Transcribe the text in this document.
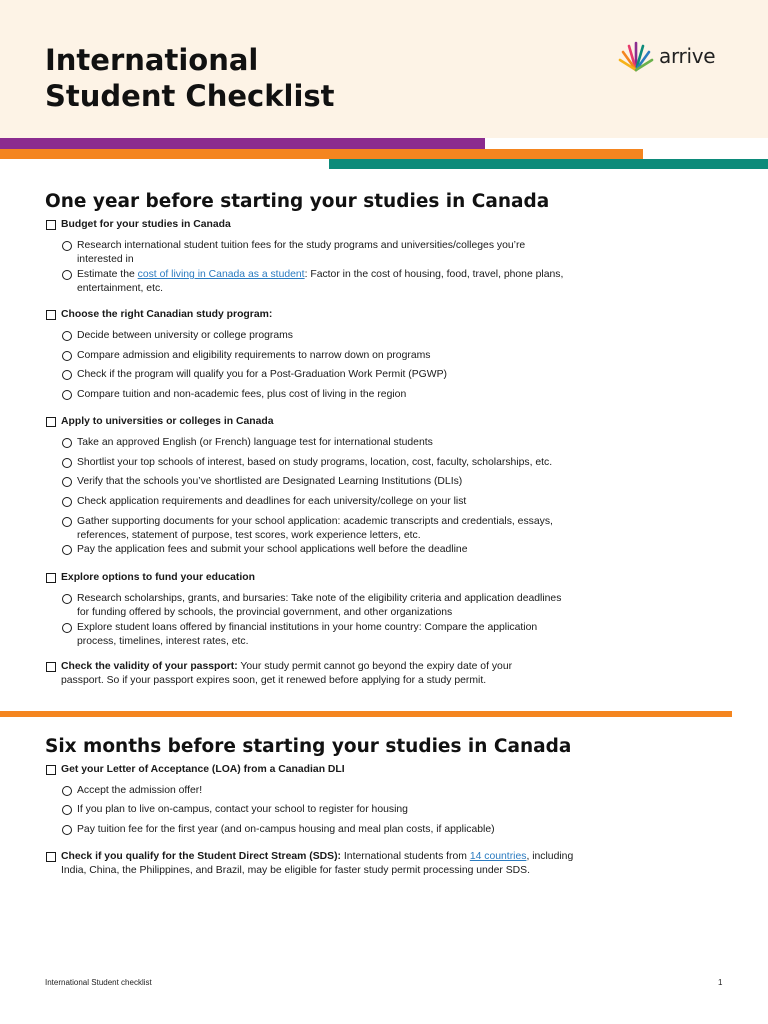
International
Student Checklist
arrive
One year before starting your studies in Canada
Budget for your studies in Canada
Research international student tuition fees for the study programs and universities/colleges you’re
interested in
Estimate the cost of living in Canada as a student: Factor in the cost of housing, food, travel, phone plans,
entertainment, etc.
Choose the right Canadian study program:
Decide between university or college programs
Compare admission and eligibility requirements to narrow down on programs
Check if the program will qualify you for a Post-Graduation Work Permit (PGWP)
Compare tuition and non-academic fees, plus cost of living in the region
Apply to universities or colleges in Canada
Take an approved English (or French) language test for international students
Shortlist your top schools of interest, based on study programs, location, cost, faculty, scholarships, etc.
Verify that the schools you’ve shortlisted are Designated Learning Institutions (DLIs)
Check application requirements and deadlines for each university/college on your list
Gather supporting documents for your school application: academic transcripts and credentials, essays,
references, statement of purpose, test scores, work experience letters, etc.
Pay the application fees and submit your school applications well before the deadline
Explore options to fund your education
Research scholarships, grants, and bursaries: Take note of the eligibility criteria and application deadlines
for funding offered by schools, the provincial government, and other organizations
Explore student loans offered by financial institutions in your home country: Compare the application
process, timelines, interest rates, etc.
Check the validity of your passport: Your study permit cannot go beyond the expiry date of your
passport. So if your passport expires soon, get it renewed before applying for a study permit.
Six months before starting your studies in Canada
Get your Letter of Acceptance (LOA) from a Canadian DLI
Accept the admission offer!
If you plan to live on-campus, contact your school to register for housing
Pay tuition fee for the first year (and on-campus housing and meal plan costs, if applicable)
Check if you qualify for the Student Direct Stream (SDS): International students from 14 countries, including
India, China, the Philippines, and Brazil, may be eligible for faster study permit processing under SDS.
International Student checklist	1
